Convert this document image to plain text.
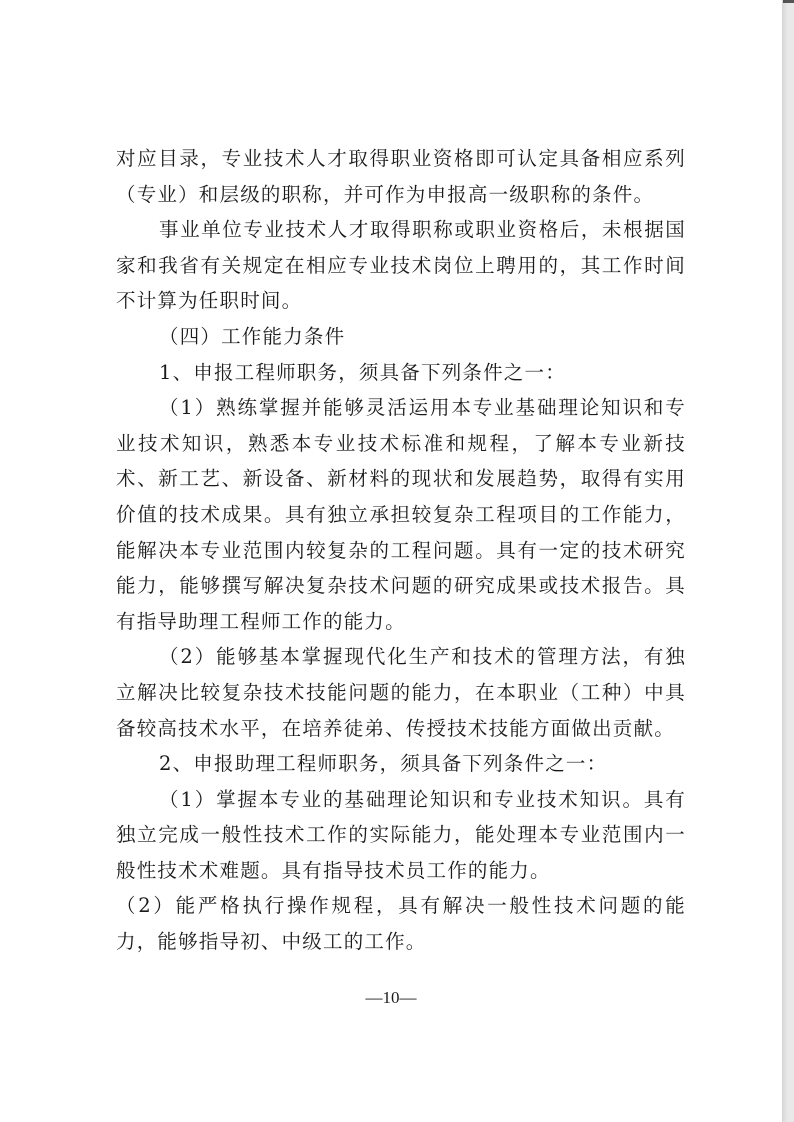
对应目录，专业技术人才取得职业资格即可认定具备相应系列（专业）和层级的职称，并可作为申报高一级职称的条件。

事业单位专业技术人才取得职称或职业资格后，未根据国家和我省有关规定在相应专业技术岗位上聘用的，其工作时间不计算为任职时间。

（四）工作能力条件

1、申报工程师职务，须具备下列条件之一：

（1）熟练掌握并能够灵活运用本专业基础理论知识和专业技术知识，熟悉本专业技术标准和规程，了解本专业新技术、新工艺、新设备、新材料的现状和发展趋势，取得有实用价值的技术成果。具有独立承担较复杂工程项目的工作能力，能解决本专业范围内较复杂的工程问题。具有一定的技术研究能力，能够撰写解决复杂技术问题的研究成果或技术报告。具有指导助理工程师工作的能力。

（2）能够基本掌握现代化生产和技术的管理方法，有独立解决比较复杂技术技能问题的能力，在本职业（工种）中具备较高技术水平，在培养徒弟、传授技术技能方面做出贡献。

2、申报助理工程师职务，须具备下列条件之一：

（1）掌握本专业的基础理论知识和专业技术知识。具有独立完成一般性技术工作的实际能力，能处理本专业范围内一般性技术术难题。具有指导技术员工作的能力。

（2）能严格执行操作规程，具有解决一般性技术问题的能力，能够指导初、中级工的工作。

—10—
